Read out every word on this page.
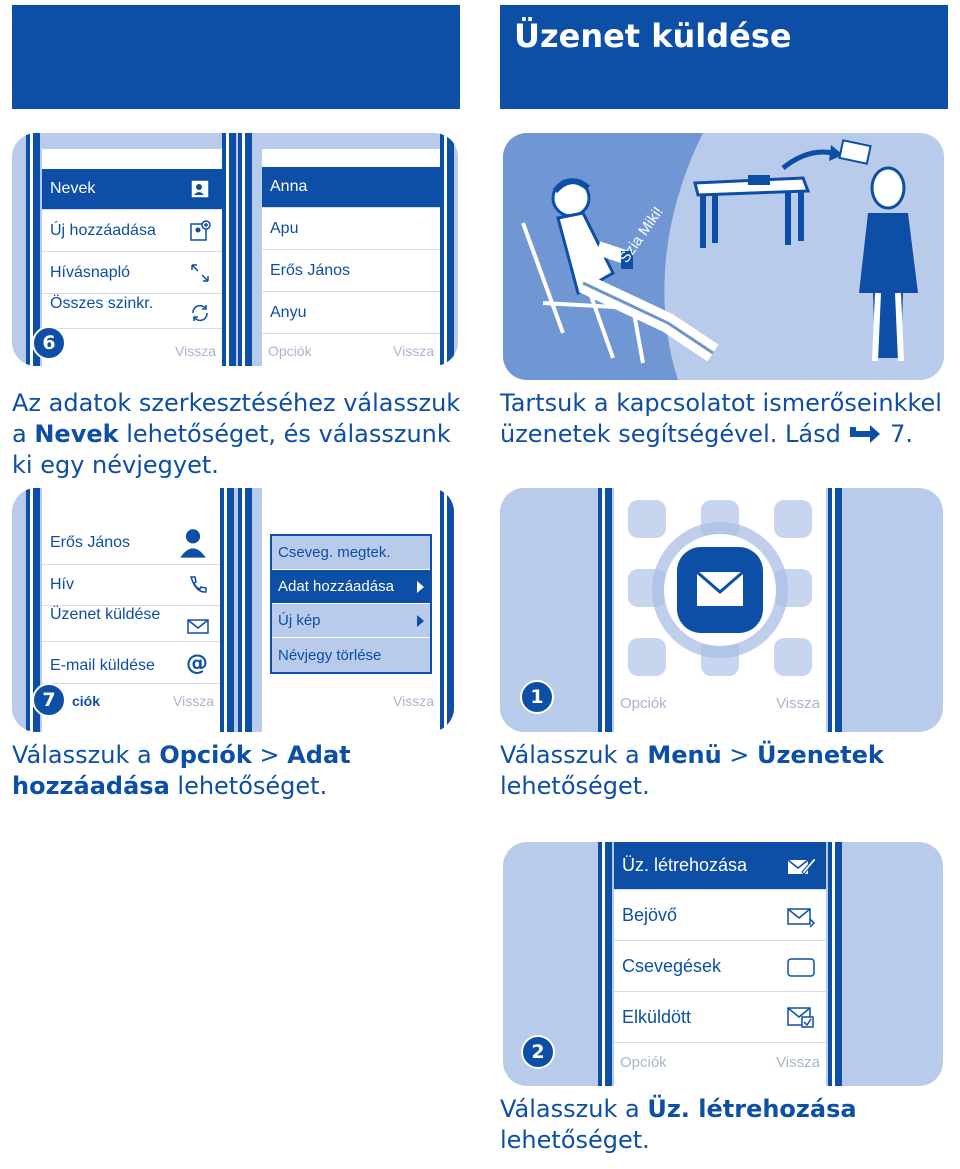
Üzenet küldése
Nevek
Új hozzáadása
Hívásnapló
Összes szinkr.
Vissza
6
Anna
Apu
Erős János
Anyu
Opciók	Vissza
Az adatok szerkesztéséhez válasszuk a Nevek lehetőséget, és válasszunk ki egy névjegyet.
Szia Miki!
Tartsuk a kapcsolatot ismerőseinkkel üzenetek segítségével. Lásd  7.
Erős János
Hív
Üzenet küldése
E-mail küldése @
ciók	Vissza
7
Cseveg. megtek.
Adat hozzáadása
Új kép
Névjegy törlése
Vissza
Válasszuk a Opciók > Adat hozzáadása lehetőséget.
Opciók	Vissza
1
Válasszuk a Menü > Üzenetek lehetőséget.
Üz. létrehozása
Bejövő
Csevegések
Elküldött
Opciók	Vissza
2
Válasszuk a Üz. létrehozása lehetőséget.
